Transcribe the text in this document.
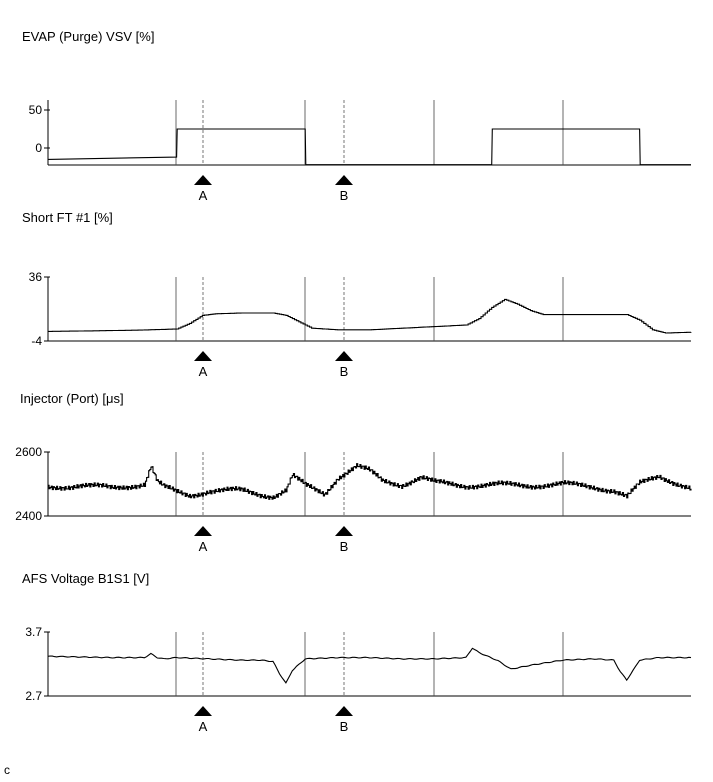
EVAP (Purge) VSV [%]
50
0
A	B
Short FT #1 [%]
36
-4
A	B
Injector (Port) [μs]
2600
2400
A	B
AFS Voltage B1S1 [V]
3.7
2.7
A	B
c
